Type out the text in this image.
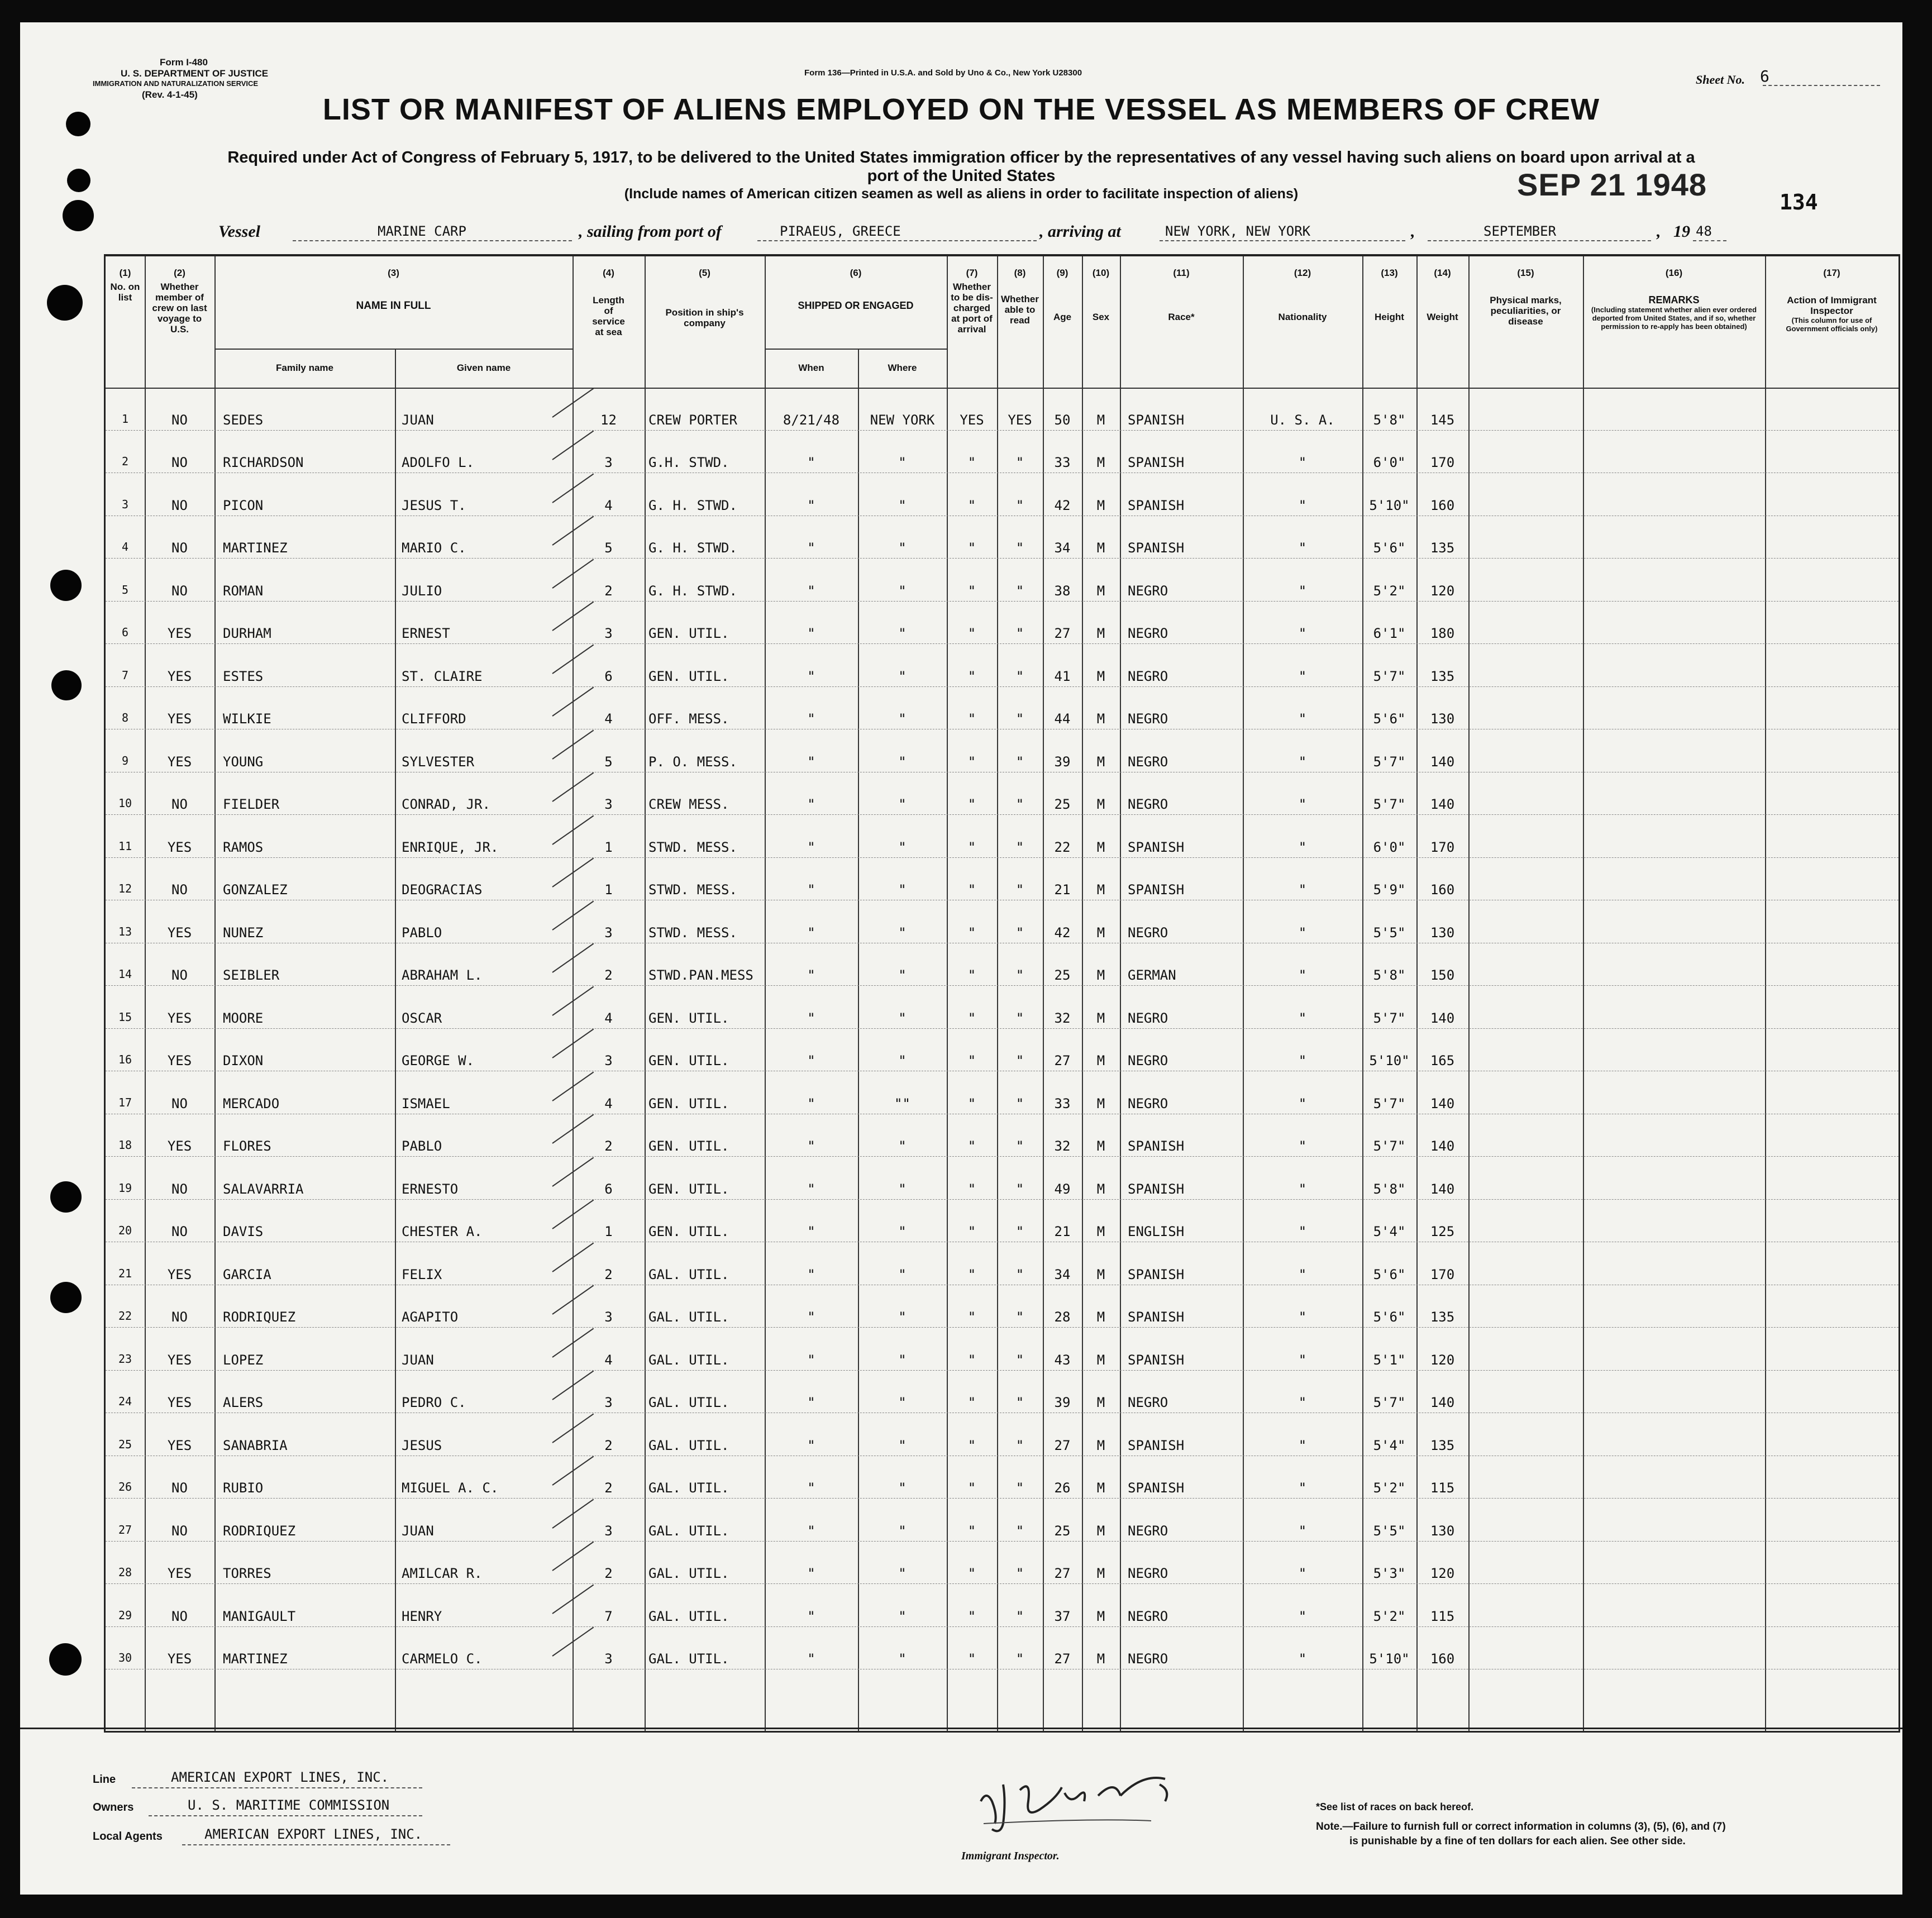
Form I-480
U. S. DEPARTMENT OF JUSTICE
IMMIGRATION AND NATURALIZATION SERVICE
(Rev. 4-1-45)
Form 136—Printed in U.S.A. and Sold by Uno & Co., New York U28300	Sheet No. 6
LIST OR MANIFEST OF ALIENS EMPLOYED ON THE VESSEL AS MEMBERS OF CREW
Required under Act of Congress of February 5, 1917, to be delivered to the United States immigration officer by the representatives of any vessel having such aliens on board upon arrival at a
port of the United States
(Include names of American citizen seamen as well as aliens in order to facilitate inspection of aliens)	SEP 21 1948	134
Vessel	MARINE CARP	, sailing from port of	PIRAEUS, GREECE	, arriving at	NEW YORK, NEW YORK	,	SEPTEMBER	, 19 48
(1)
No. on list
(2)
Whether member of crew on last voyage to U.S.
(3)
NAME IN FULL
Family name	Given name
(4)
Length of service at sea
(5)
Position in ship's company
(6)
SHIPPED OR ENGAGED
When	Where
(7)
Whether to be dis-charged at port of arrival
(8)
Whether able to read
(9)
Age
(10)
Sex
(11)
Race*
(12)
Nationality
(13)
Height
(14)
Weight
(15)
Physical marks, peculiarities, or disease
(16)
REMARKS
(Including statement whether alien ever ordered deported from United States, and if so, whether permission to re-apply has been obtained)
(17)
Action of Immigrant Inspector
(This column for use of Government officials only)
1	NO	SEDES	JUAN	12	CREW PORTER	8/21/48	NEW YORK	YES	YES	50	M	SPANISH	U. S. A.	5'8"	145
2	NO	RICHARDSON	ADOLFO L.	3	G.H. STWD.	"	"	"	"	33	M	SPANISH	"	6'0"	170
3	NO	PICON	JESUS T.	4	G. H. STWD.	"	"	"	"	42	M	SPANISH	"	5'10"	160
4	NO	MARTINEZ	MARIO C.	5	G. H. STWD.	"	"	"	"	34	M	SPANISH	"	5'6"	135
5	NO	ROMAN	JULIO	2	G. H. STWD.	"	"	"	"	38	M	NEGRO	"	5'2"	120
6	YES	DURHAM	ERNEST	3	GEN. UTIL.	"	"	"	"	27	M	NEGRO	"	6'1"	180
7	YES	ESTES	ST. CLAIRE	6	GEN. UTIL.	"	"	"	"	41	M	NEGRO	"	5'7"	135
8	YES	WILKIE	CLIFFORD	4	OFF. MESS.	"	"	"	"	44	M	NEGRO	"	5'6"	130
9	YES	YOUNG	SYLVESTER	5	P. O. MESS.	"	"	"	"	39	M	NEGRO	"	5'7"	140
10	NO	FIELDER	CONRAD, JR.	3	CREW MESS.	"	"	"	"	25	M	NEGRO	"	5'7"	140
11	YES	RAMOS	ENRIQUE, JR.	1	STWD. MESS.	"	"	"	"	22	M	SPANISH	"	6'0"	170
12	NO	GONZALEZ	DEOGRACIAS	1	STWD. MESS.	"	"	"	"	21	M	SPANISH	"	5'9"	160
13	YES	NUNEZ	PABLO	3	STWD. MESS.	"	"	"	"	42	M	NEGRO	"	5'5"	130
14	NO	SEIBLER	ABRAHAM L.	2	STWD.PAN.MESS	"	"	"	"	25	M	GERMAN	"	5'8"	150
15	YES	MOORE	OSCAR	4	GEN. UTIL.	"	"	"	"	32	M	NEGRO	"	5'7"	140
16	YES	DIXON	GEORGE W.	3	GEN. UTIL.	"	"	"	"	27	M	NEGRO	"	5'10"	165
17	NO	MERCADO	ISMAEL	4	GEN. UTIL.	"	""	"	"	33	M	NEGRO	"	5'7"	140
18	YES	FLORES	PABLO	2	GEN. UTIL.	"	"	"	"	32	M	SPANISH	"	5'7"	140
19	NO	SALAVARRIA	ERNESTO	6	GEN. UTIL.	"	"	"	"	49	M	SPANISH	"	5'8"	140
20	NO	DAVIS	CHESTER A.	1	GEN. UTIL.	"	"	"	"	21	M	ENGLISH	"	5'4"	125
21	YES	GARCIA	FELIX	2	GAL. UTIL.	"	"	"	"	34	M	SPANISH	"	5'6"	170
22	NO	RODRIQUEZ	AGAPITO	3	GAL. UTIL.	"	"	"	"	28	M	SPANISH	"	5'6"	135
23	YES	LOPEZ	JUAN	4	GAL. UTIL.	"	"	"	"	43	M	SPANISH	"	5'1"	120
24	YES	ALERS	PEDRO C.	3	GAL. UTIL.	"	"	"	"	39	M	NEGRO	"	5'7"	140
25	YES	SANABRIA	JESUS	2	GAL. UTIL.	"	"	"	"	27	M	SPANISH	"	5'4"	135
26	NO	RUBIO	MIGUEL A. C.	2	GAL. UTIL.	"	"	"	"	26	M	SPANISH	"	5'2"	115
27	NO	RODRIQUEZ	JUAN	3	GAL. UTIL.	"	"	"	"	25	M	NEGRO	"	5'5"	130
28	YES	TORRES	AMILCAR R.	2	GAL. UTIL.	"	"	"	"	27	M	NEGRO	"	5'3"	120
29	NO	MANIGAULT	HENRY	7	GAL. UTIL.	"	"	"	"	37	M	NEGRO	"	5'2"	115
30	YES	MARTINEZ	CARMELO C.	3	GAL. UTIL.	"	"	"	"	27	M	NEGRO	"	5'10"	160
Line	AMERICAN EXPORT LINES, INC.
Owners	U. S. MARITIME COMMISSION
Local Agents	AMERICAN EXPORT LINES, INC.
Immigrant Inspector.
*See list of races on back hereof.
Note.—Failure to furnish full or correct information in columns (3), (5), (6), and (7)
is punishable by a fine of ten dollars for each alien. See other side.
